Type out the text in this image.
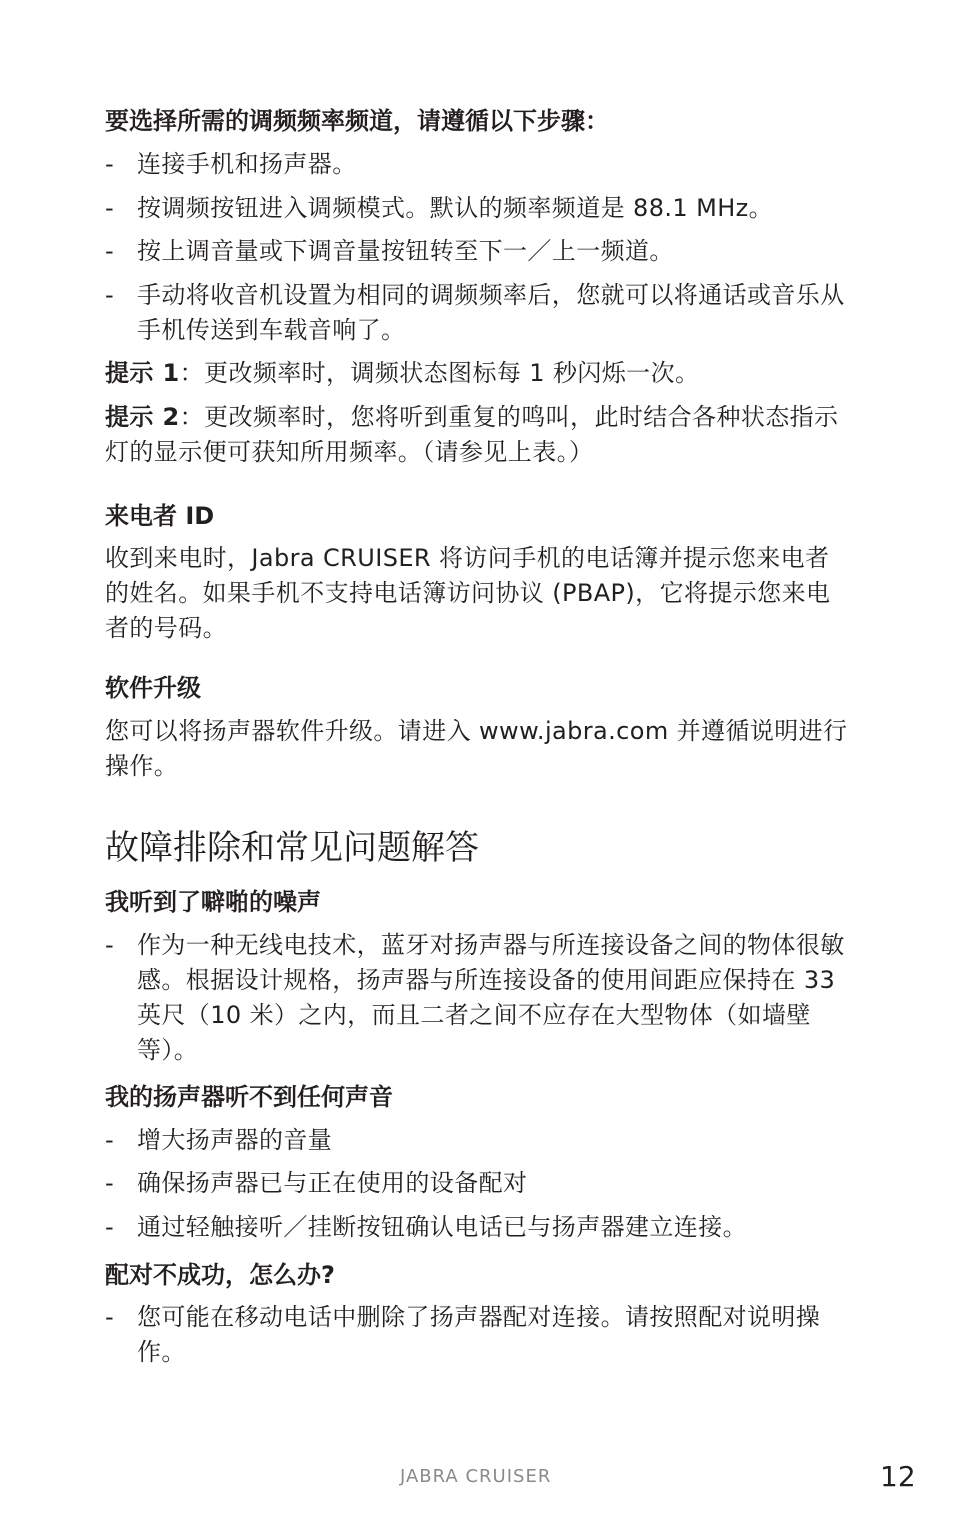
要选择所需的调频频率频道，请遵循以下步骤：
- 连接手机和扬声器。
- 按调频按钮进入调频模式。默认的频率频道是 88.1 MHz。
- 按上调音量或下调音量按钮转至下一／上一频道。
- 手动将收音机设置为相同的调频频率后，您就可以将通话或音乐从手机传送到车载音响了。
提示 1：更改频率时，调频状态图标每 1 秒闪烁一次。
提示 2：更改频率时，您将听到重复的鸣叫，此时结合各种状态指示灯的显示便可获知所用频率。（请参见上表。）
来电者 ID
收到来电时，Jabra CRUISER 将访问手机的电话簿并提示您来电者的姓名。如果手机不支持电话簿访问协议 (PBAP)，它将提示您来电者的号码。
软件升级
您可以将扬声器软件升级。请进入 www.jabra.com 并遵循说明进行操作。
故障排除和常见问题解答
我听到了噼啪的噪声
- 作为一种无线电技术，蓝牙对扬声器与所连接设备之间的物体很敏感。根据设计规格，扬声器与所连接设备的使用间距应保持在 33 英尺（10 米）之内，而且二者之间不应存在大型物体（如墙壁等）。
我的扬声器听不到任何声音
- 增大扬声器的音量
- 确保扬声器已与正在使用的设备配对
- 通过轻触接听／挂断按钮确认电话已与扬声器建立连接。
配对不成功，怎么办?
- 您可能在移动电话中删除了扬声器配对连接。请按照配对说明操作。
JABRA CRUISER	12
